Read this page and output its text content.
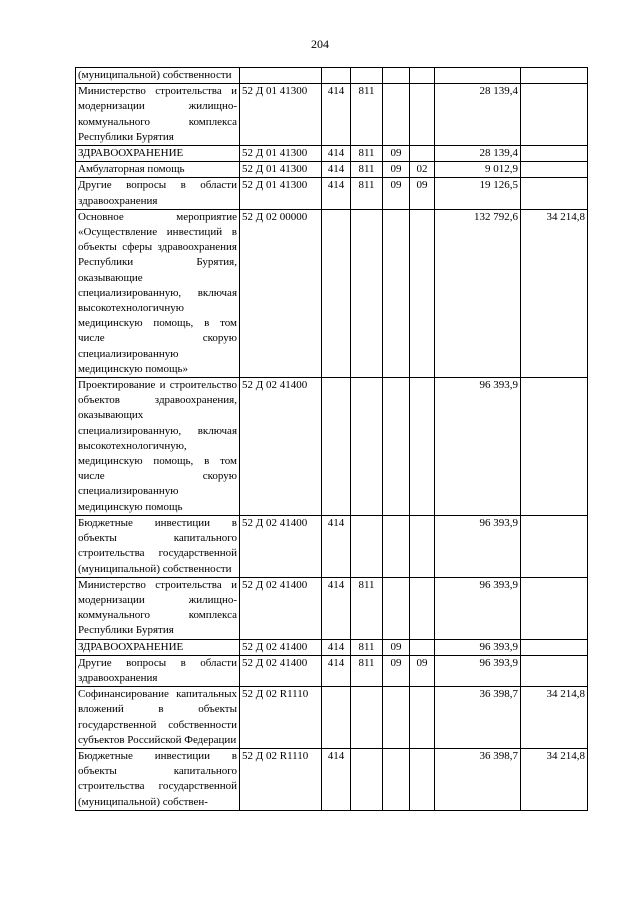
204
(муниципальной) собственности							
Министерство строительства и модернизации жилищно-коммунального комплекса Республики Бурятия	52 Д 01 41300	414	811			28 139,4	
ЗДРАВООХРАНЕНИЕ	52 Д 01 41300	414	811	09		28 139,4	
Амбулаторная помощь	52 Д 01 41300	414	811	09	02	9 012,9	
Другие вопросы в области здравоохранения	52 Д 01 41300	414	811	09	09	19 126,5	
Основное мероприятие «Осуществление инвестиций в объекты сферы здравоохранения Республики Бурятия, оказывающие специализированную, включая высокотехнологичную медицинскую помощь, в том числе скорую специализированную медицинскую помощь»	52 Д 02 00000					132 792,6	34 214,8
Проектирование и строительство объектов здравоохранения, оказывающих специализированную, включая высокотехнологичную, медицинскую помощь, в том числе скорую специализированную медицинскую помощь	52 Д 02 41400					96 393,9	
Бюджетные инвестиции в объекты капитального строительства государственной (муниципальной) собственности	52 Д 02 41400	414				96 393,9	
Министерство строительства и модернизации жилищно-коммунального комплекса Республики Бурятия	52 Д 02 41400	414	811			96 393,9	
ЗДРАВООХРАНЕНИЕ	52 Д 02 41400	414	811	09		96 393,9	
Другие вопросы в области здравоохранения	52 Д 02 41400	414	811	09	09	96 393,9	
Софинансирование капитальных вложений в объекты государственной собственности субъектов Российской Федерации	52 Д 02 R1110					36 398,7	34 214,8
Бюджетные инвестиции в объекты капитального строительства государственной (муниципальной) собствен-	52 Д 02 R1110	414				36 398,7	34 214,8
